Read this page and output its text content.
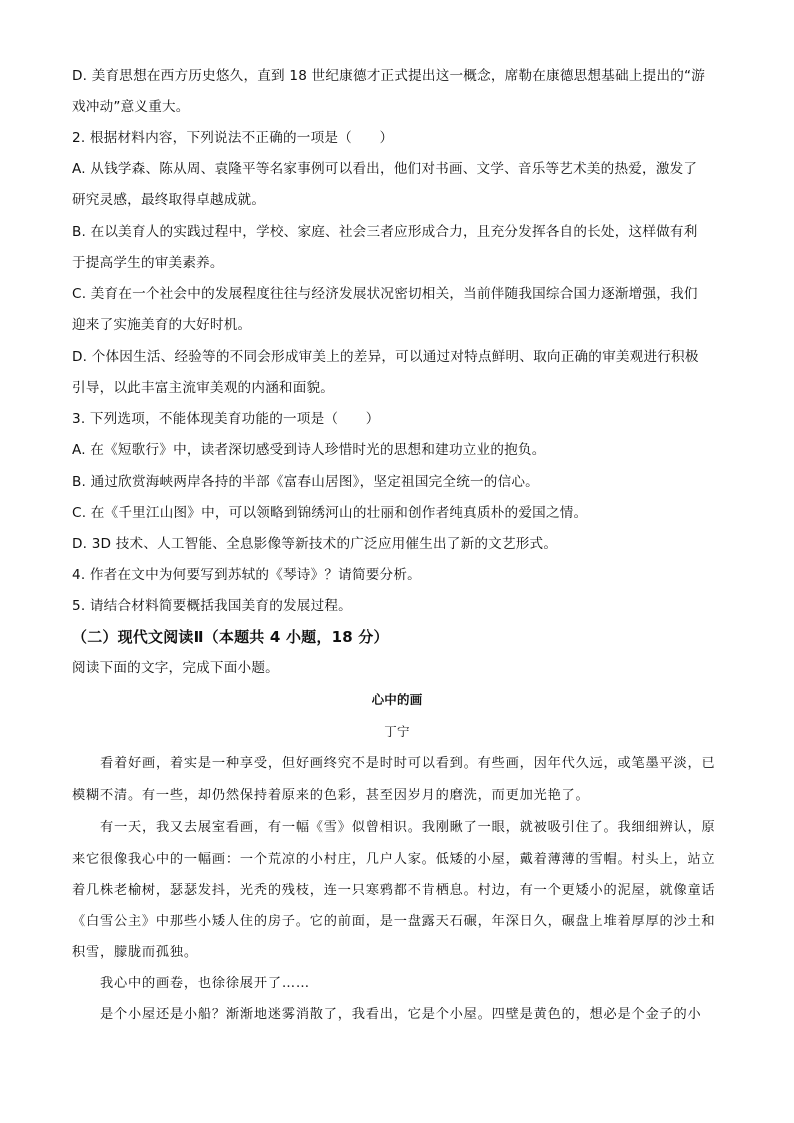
D. 美育思想在西方历史悠久，直到 18 世纪康德才正式提出这一概念，席勒在康德思想基础上提出的“游
戏冲动”意义重大。
2. 根据材料内容，下列说法不正确的一项是（　　）
A. 从钱学森、陈从周、袁隆平等名家事例可以看出，他们对书画、文学、音乐等艺术美的热爱，激发了
研究灵感，最终取得卓越成就。
B. 在以美育人的实践过程中，学校、家庭、社会三者应形成合力，且充分发挥各自的长处，这样做有利
于提高学生的审美素养。
C. 美育在一个社会中的发展程度往往与经济发展状况密切相关，当前伴随我国综合国力逐渐增强，我们
迎来了实施美育的大好时机。
D. 个体因生活、经验等的不同会形成审美上的差异，可以通过对特点鲜明、取向正确的审美观进行积极
引导，以此丰富主流审美观的内涵和面貌。
3. 下列选项，不能体现美育功能的一项是（　　）
A. 在《短歌行》中，读者深切感受到诗人珍惜时光的思想和建功立业的抱负。
B. 通过欣赏海峡两岸各持的半部《富春山居图》，坚定祖国完全统一的信心。
C. 在《千里江山图》中，可以领略到锦绣河山的壮丽和创作者纯真质朴的爱国之情。
D. 3D 技术、人工智能、全息影像等新技术的广泛应用催生出了新的文艺形式。
4. 作者在文中为何要写到苏轼的《琴诗》？请简要分析。
5. 请结合材料简要概括我国美育的发展过程。
（二）现代文阅读Ⅱ（本题共 4 小题，18 分）
阅读下面的文字，完成下面小题。
心中的画
丁宁
看着好画，着实是一种享受，但好画终究不是时时可以看到。有些画，因年代久远，或笔墨平淡，已
模糊不清。有一些，却仍然保持着原来的色彩，甚至因岁月的磨洗，而更加光艳了。
有一天，我又去展室看画，有一幅《雪》似曾相识。我刚瞅了一眼，就被吸引住了。我细细辨认，原
来它很像我心中的一幅画：一个荒凉的小村庄，几户人家。低矮的小屋，戴着薄薄的雪帽。村头上，站立
着几株老榆树，瑟瑟发抖，光秃的残枝，连一只寒鸦都不肯栖息。村边，有一个更矮小的泥屋，就像童话
《白雪公主》中那些小矮人住的房子。它的前面，是一盘露天石碾，年深日久，碾盘上堆着厚厚的沙土和
积雪，朦胧而孤独。
我心中的画卷，也徐徐展开了……
是个小屋还是小船？渐渐地迷雾消散了，我看出，它是个小屋。四壁是黄色的，想必是个金子的小
